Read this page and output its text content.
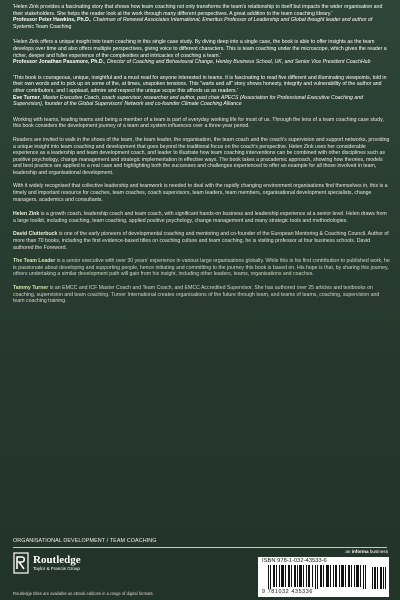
'Helen Zink provides a fascinating story that shows how team coaching not only transforms the team's relationship to itself but impacts the wider organisation and their stakeholders. She helps the reader look at the work through many different perspectives. A great addition to the team coaching library.'

Professor Peter Hawkins, Ph.D., Chairman of Renewal Associates International, Emeritus Professor of Leadership and Global thought leader and author of Systemic Team Coaching

'Helen Zink offers a unique insight into team coaching in this single case study. By diving deep into a single case, the book is able to offer insights as the team develops over time and also offers multiple perspectives, giving voice to different characters. This is team coaching under the microscope, which gives the reader a richer, deeper and fuller experience of the complexities and intricacies of coaching a team.'

Professor Jonathan Passmore, Ph.D., Director of Coaching and Behavioural Change, Henley Business School, UK, and Senior Vice President CoachHub

'This book is courageous, unique, insightful and a must read for anyone interested in teams. It is fascinating to read five different and illuminating viewpoints, told in their own words and to pick up on some of the, at times, unspoken tensions. This "warts and all" story shows honesty, integrity and vulnerability of the author and other contributors, and I applaud, admire and respect the unique scope this affords us as readers.'

Eve Turner, Master Executive Coach, coach supervisor, researcher and author, past chair APECS (Association for Professional Executive Coaching and Supervision), founder of the Global Supervisors' Network and co-founder Climate Coaching Alliance

Working with teams, leading teams and being a member of a team is part of everyday working life for most of us. Through the lens of a team coaching case study, this book considers the development journey of a team and system influences over a three-year period.

Readers are invited to walk in the shoes of the team, the team leader, the organisation, the team coach and the coach's supervision and support networks, providing a unique insight into team coaching and development that goes beyond the traditional focus on the coach's perspective. Helen Zink uses her considerable experience as a leadership and team development coach, and leader to illustrate how team coaching interventions can be combined with other disciplines such as positive psychology, change management and strategic implementation in effective ways. The book takes a pracademic approach, showing how theories, models and best practice are applied to a real case and highlighting both the successes and challenges experienced to offer an example for all those involved in team, leadership and organisational development.

With it widely recognised that collective leadership and teamwork is needed to deal with the rapidly changing environment organisations find themselves in, this is a timely and important resource for coaches, team coaches, coach supervisors, team leaders, team members, organisational development specialists, change managers, academics and consultants.

Helen Zink is a growth coach, leadership coach and team coach, with significant hands-on business and leadership experience at a senior level. Helen draws from a large toolkit, including coaching, team coaching, applied positive psychology, change management and many strategic tools and methodologies.

David Clutterbuck is one of the early pioneers of developmental coaching and mentoring and co-founder of the European Mentoring & Coaching Council. Author of more than 70 books, including the first evidence-based titles on coaching culture and team coaching, he is visiting professor at four business schools. David authored the Foreword.

The Team Leader is a senior executive with over 30 years' experience in various large organisations globally. While this is his first contribution to published work, he is passionate about developing and supporting people, hence initiating and committing to the journey this book is based on. His hope is that, by sharing this journey, others undertaking a similar development path will gain from his insight, including other leaders, teams, organisations and coaches.

Tammy Turner is an EMCC and ICF Master Coach and Team Coach, and EMCC Accredited Supervisor. She has authored over 25 articles and textbooks on coaching, supervision and team coaching. Turner International creates organisations of the future through team, and teams of teams, coaching, supervision and team coaching training.

ORGANISATIONAL DEVELOPMENT / TEAM COACHING
an informa business
Routledge
Taylor & Francis Group
ISBN 978-1-032-43533-6
9 781032 435336
Routledge titles are available as eBook editions in a range of digital formats
